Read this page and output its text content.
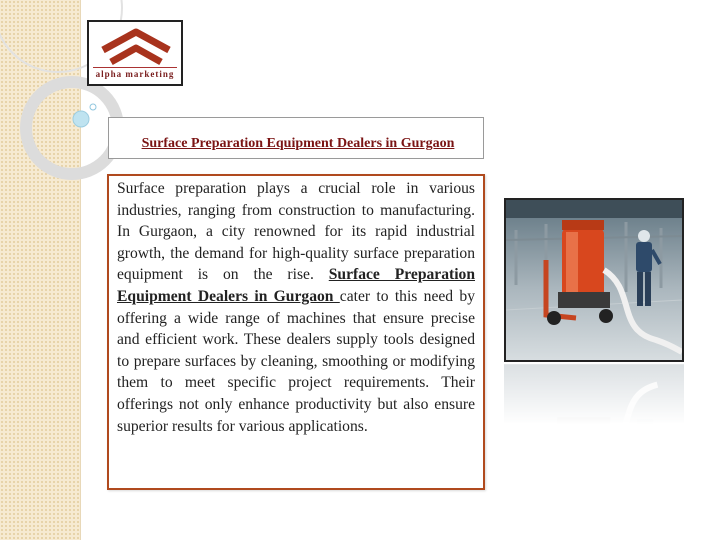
alpha marketing
Surface Preparation Equipment Dealers in Gurgaon
Surface preparation plays a crucial role in various industries, ranging from construction to manufacturing. In Gurgaon, a city renowned for its rapid industrial growth, the demand for high-quality surface preparation equipment is on the rise. Surface Preparation Equipment Dealers in Gurgaon cater to this need by offering a wide range of machines that ensure precise and efficient work. These dealers supply tools designed to prepare surfaces by cleaning, smoothing or modifying them to meet specific project requirements. Their offerings not only enhance productivity but also ensure superior results for various applications.
